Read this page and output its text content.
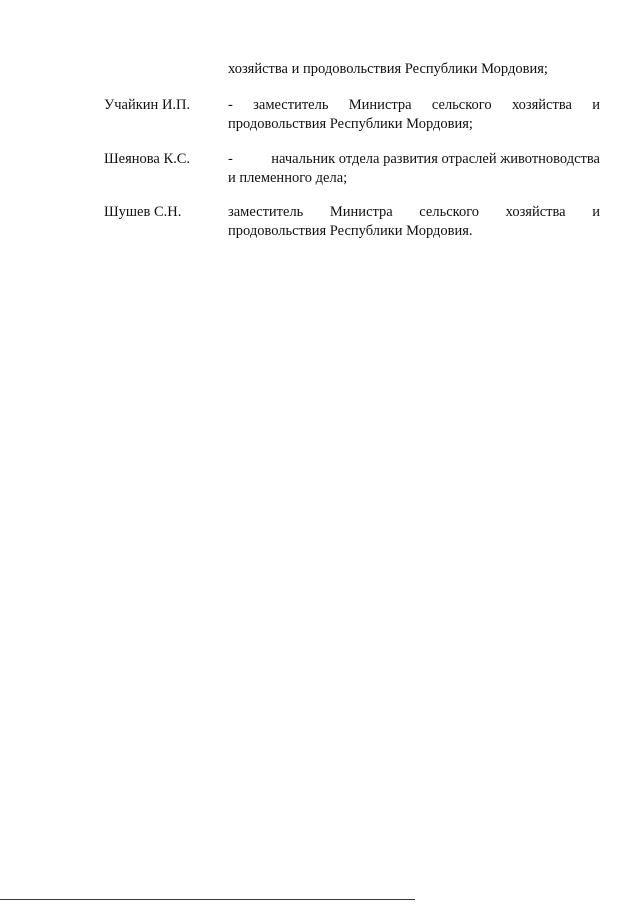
хозяйства и продовольствия Республики Мордовия;
Учайкин И.П.	- заместитель Министра сельского хозяйства и
продовольствия Республики Мордовия;
Шеянова К.С.	-	начальник отдела развития отраслей животноводства
и племенного дела;
Шушев С.Н.	заместитель Министра сельского хозяйства и
продовольствия Республики Мордовия.
